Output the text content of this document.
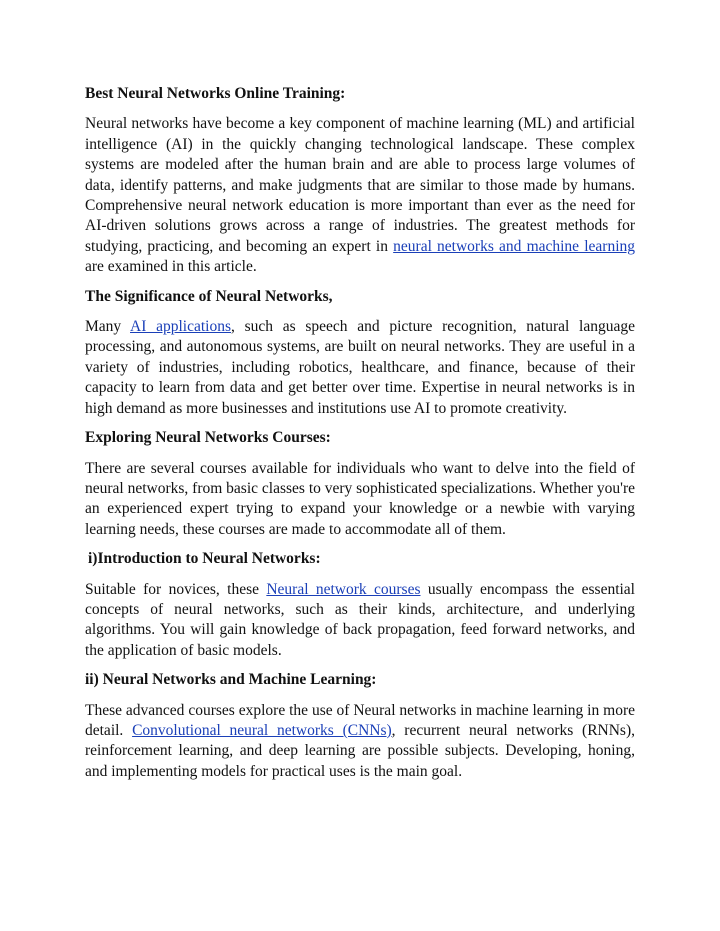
Best Neural Networks Online Training:
Neural networks have become a key component of machine learning (ML) and artificial intelligence (AI) in the quickly changing technological landscape. These complex systems are modeled after the human brain and are able to process large volumes of data, identify patterns, and make judgments that are similar to those made by humans. Comprehensive neural network education is more important than ever as the need for AI-driven solutions grows across a range of industries. The greatest methods for studying, practicing, and becoming an expert in neural networks and machine learning are examined in this article.
The Significance of Neural Networks,
Many AI applications, such as speech and picture recognition, natural language processing, and autonomous systems, are built on neural networks. They are useful in a variety of industries, including robotics, healthcare, and finance, because of their capacity to learn from data and get better over time. Expertise in neural networks is in high demand as more businesses and institutions use AI to promote creativity.
Exploring Neural Networks Courses:
There are several courses available for individuals who want to delve into the field of neural networks, from basic classes to very sophisticated specializations. Whether you're an experienced expert trying to expand your knowledge or a newbie with varying learning needs, these courses are made to accommodate all of them.
i)Introduction to Neural Networks:
Suitable for novices, these Neural network courses usually encompass the essential concepts of neural networks, such as their kinds, architecture, and underlying algorithms. You will gain knowledge of back propagation, feed forward networks, and the application of basic models.
ii) Neural Networks and Machine Learning:
These advanced courses explore the use of Neural networks in machine learning in more detail. Convolutional neural networks (CNNs), recurrent neural networks (RNNs), reinforcement learning, and deep learning are possible subjects. Developing, honing, and implementing models for practical uses is the main goal.
